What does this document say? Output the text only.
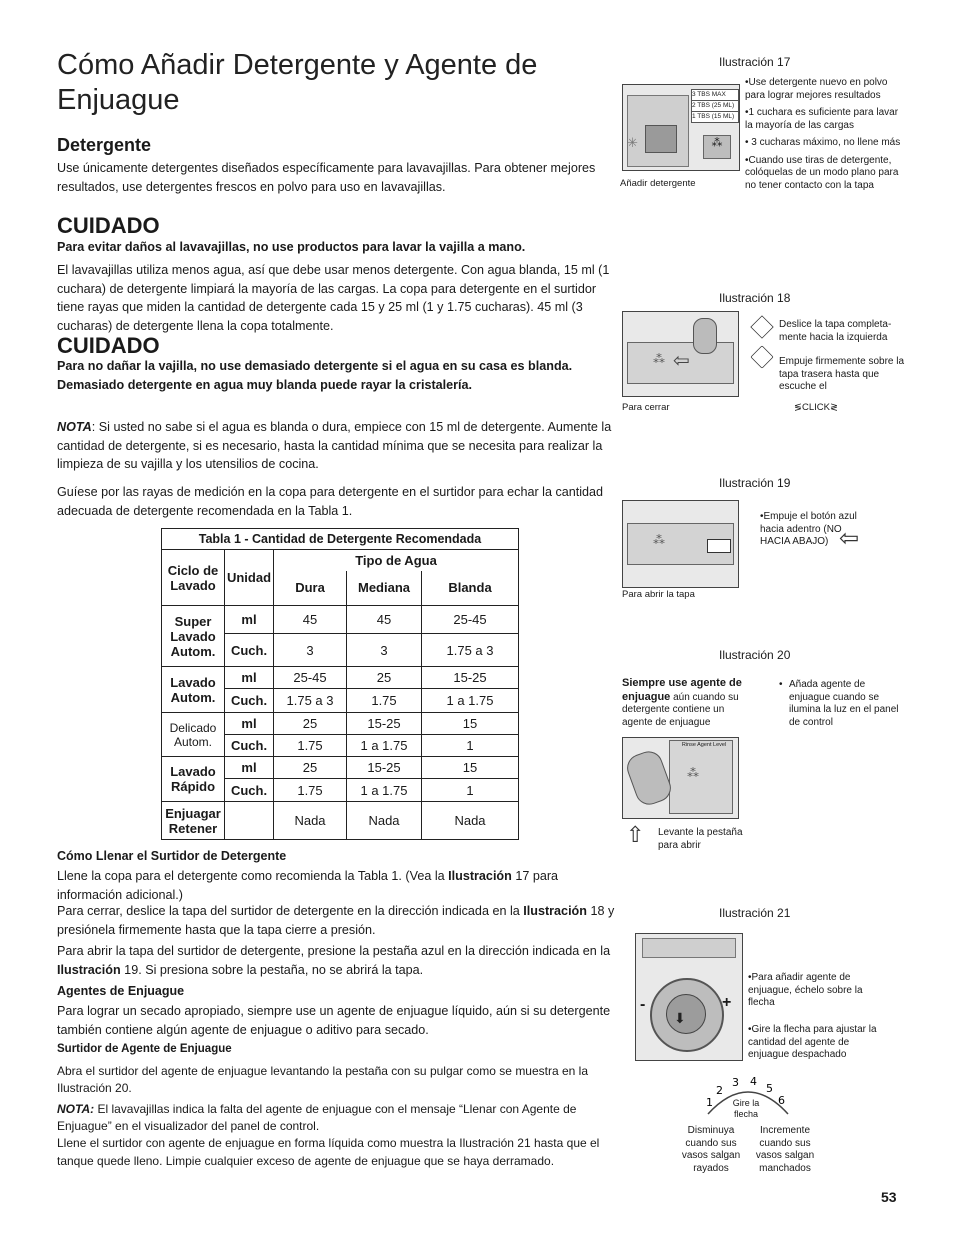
Cómo Añadir Detergente y Agente de Enjuague
Detergente
Use únicamente detergentes diseñados específicamente para lavavajillas. Para obtener mejores resultados, use detergentes frescos en polvo para uso en lavavajillas.
CUIDADO
Para evitar daños al lavavajillas, no use productos para lavar la vajilla a mano.
El lavavajillas utiliza menos agua, así que debe usar menos detergente. Con agua blanda, 15 ml (1 cuchara) de detergente limpiará la mayoría de las cargas. La copa para detergente en el surtidor tiene rayas que miden la cantidad de detergente cada 15 y 25 ml (1 y 1.75 cucharas). 45 ml (3 cucharas) de detergente llena la copa totalmente.
CUIDADO
Para no dañar la vajilla, no use demasiado detergente si el agua en su casa es blanda. Demasiado detergente en agua muy blanda puede rayar la cristalería.
NOTA: Si usted no sabe si el agua es blanda o dura, empiece con 15 ml de detergente. Aumente la cantidad de detergente, si es necesario, hasta la cantidad mínima que se necesita para realizar la limpieza de su vajilla y los utensilios de cocina.
Guíese por las rayas de medición en la copa para detergente en el surtidor para echar la cantidad adecuada de detergente recomendada en la Tabla 1.
Tabla 1 - Cantidad de Detergente Recomendada				
Ciclo de Lavado	Unidad	Tipo de Agua		
		Dura	Mediana	Blanda
Super Lavado Autom.	ml	45	45	25-45
	Cuch.	3	3	1.75 a 3
Lavado Autom.	ml	25-45	25	15-25
	Cuch.	1.75 a 3	1.75	1 a 1.75
Delicado Autom.	ml	25	15-25	15
	Cuch.	1.75	1 a 1.75	1
Lavado Rápido	ml	25	15-25	15
	Cuch.	1.75	1 a 1.75	1
Enjuagar Retener		Nada	Nada	Nada
Cómo Llenar el Surtidor de Detergente
Llene la copa para el detergente como recomienda la Tabla 1. (Vea la Ilustración 17 para información adicional.)
Para cerrar, deslice la tapa del surtidor de detergente en la dirección indicada en la Ilustración 18 y presiónela firmemente hasta que la tapa cierre a presión.
Para abrir la tapa del surtidor de detergente, presione la pestaña azul en la dirección indicada en la Ilustración 19. Si presiona sobre la pestaña, no se abrirá la tapa.
Agentes de Enjuague
Para lograr un secado apropiado, siempre use un agente de enjuague líquido, aún si su detergente también contiene algún agente de enjuague o aditivo para secado.
Surtidor de Agente de Enjuague
Abra el surtidor del agente de enjuague levantando la pestaña con su pulgar como se muestra en la Ilustración 20.
NOTA: El lavavajillas indica la falta del agente de enjuague con el mensaje “Llenar con Agente de Enjuague” en el visualizador del panel de control.
Llene el surtidor con agente de enjuague en forma líquida como muestra la Ilustración 21 hasta que el tanque quede lleno. Limpie cualquier exceso de agente de enjuague que se haya derramado.
Ilustración 17
3 TBS MAX
2 TBS (25 ML)
1 TBS (15 ML)
✳	⁂
Añadir detergente
•Use detergente nuevo en polvo para lograr mejores resultados
•1 cuchara es suficiente para lavar la mayoría de las cargas
• 3 cucharas máximo, no llene más
•Cuando use tiras de detergente, colóquelas de un modo plano para no tener contacto con la tapa
Ilustración 18
⁂ ⇦
Para cerrar
Deslice la tapa completa- mente hacia la izquierda
Empuje firmemente sobre la tapa trasera hasta que escuche el
≶CLICK≷
Ilustración 19
⁂
Para abrir la tapa
•Empuje el botón azul hacia adentro (NO HACIA ABAJO) ⇦
Ilustración 20
Siempre use agente de enjuague aún cuando su detergente contiene un agente de enjuague
• Añada agente de enjuague cuando se ilumina la luz en el panel de control
Rinse Agent Level
⁂
⇧ Levante la pestaña para abrir
Ilustración 21
⬇
-	+
•Para añadir agente de enjuague, échelo sobre la flecha
•Gire la flecha para ajustar la cantidad del agente de enjuague despachado
1
2
3 4
5
6
Gire la flecha
Disminuya cuando sus vasos salgan rayados
Incremente cuando sus vasos salgan manchados
53
